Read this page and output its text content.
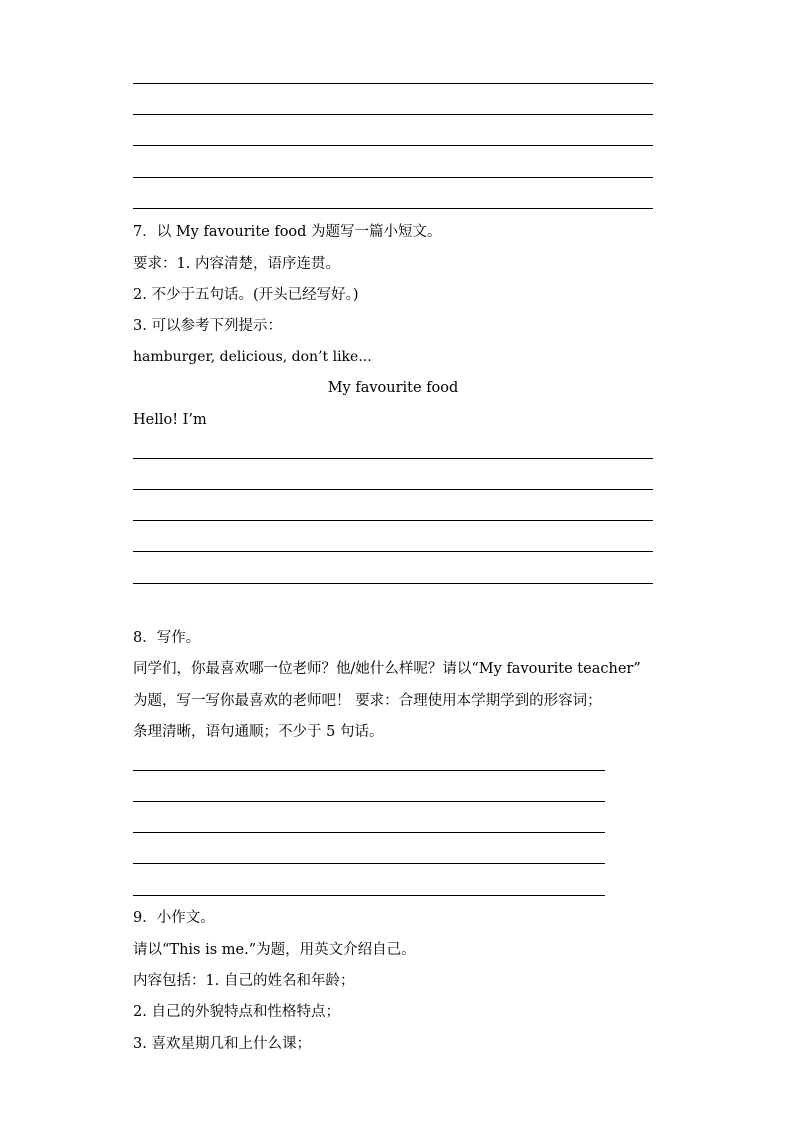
7．以 My favourite food 为题写一篇小短文。
要求：1. 内容清楚，语序连贯。
2. 不少于五句话。(开头已经写好。)
3. 可以参考下列提示：
hamburger, delicious, don’t like...
My favourite food
Hello! I’m
8．写作。
同学们，你最喜欢哪一位老师？他/她什么样呢？请以“My favourite teacher”
为题，写一写你最喜欢的老师吧！ 要求：合理使用本学期学到的形容词；
条理清晰，语句通顺；不少于 5 句话。
9．小作文。
请以“This is me.”为题，用英文介绍自己。
内容包括：1. 自己的姓名和年龄；
2. 自己的外貌特点和性格特点；
3. 喜欢星期几和上什么课；
